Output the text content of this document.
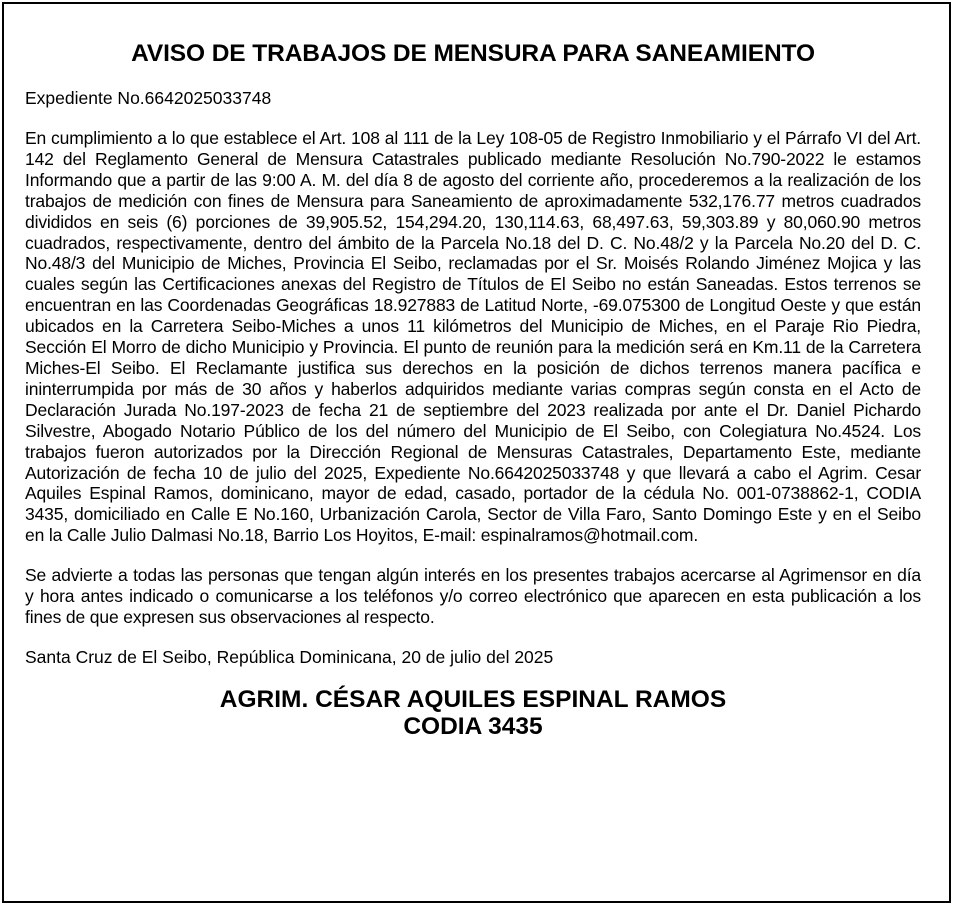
AVISO DE TRABAJOS DE MENSURA PARA SANEAMIENTO

Expediente No.6642025033748

En cumplimiento a lo que establece el Art. 108 al 111 de la Ley 108-05 de Registro Inmobiliario y el Párrafo VI del Art. 142 del Reglamento General de Mensura Catastrales publicado mediante Resolución No.790-2022 le estamos Informando que a partir de las 9:00 A. M. del día 8 de agosto del corriente año, procederemos a la realización de los trabajos de medición con fines de Mensura para Saneamiento de aproximadamente 532,176.77 metros cuadrados divididos en seis (6) porciones de 39,905.52, 154,294.20, 130,114.63, 68,497.63, 59,303.89 y 80,060.90 metros cuadrados, respectivamente, dentro del ámbito de la Parcela No.18 del D. C. No.48/2 y la Parcela No.20 del D. C. No.48/3 del Municipio de Miches, Provincia El Seibo, reclamadas por el Sr. Moisés Rolando Jiménez Mojica y las cuales según las Certificaciones anexas del Registro de Títulos de El Seibo no están Saneadas. Estos terrenos se encuentran en las Coordenadas Geográficas 18.927883 de Latitud Norte, -69.075300 de Longitud Oeste y que están ubicados en la Carretera Seibo-Miches a unos 11 kilómetros del Municipio de Miches, en el Paraje Rio Piedra, Sección El Morro de dicho Municipio y Provincia. El punto de reunión para la medición será en Km.11 de la Carretera Miches-El Seibo. El Reclamante justifica sus derechos en la posición de dichos terrenos manera pacífica e ininterrumpida por más de 30 años y haberlos adquiridos mediante varias compras según consta en el Acto de Declaración Jurada No.197-2023 de fecha 21 de septiembre del 2023 realizada por ante el Dr. Daniel Pichardo Silvestre, Abogado Notario Público de los del número del Municipio de El Seibo, con Colegiatura No.4524. Los trabajos fueron autorizados por la Dirección Regional de Mensuras Catastrales, Departamento Este, mediante Autorización de fecha 10 de julio del 2025, Expediente No.6642025033748 y que llevará a cabo el Agrim. Cesar Aquiles Espinal Ramos, dominicano, mayor de edad, casado, portador de la cédula No. 001-0738862-1, CODIA 3435, domiciliado en Calle E No.160, Urbanización Carola, Sector de Villa Faro, Santo Domingo Este y en el Seibo en la Calle Julio Dalmasi No.18, Barrio Los Hoyitos, E-mail: espinalramos@hotmail.com.

Se advierte a todas las personas que tengan algún interés en los presentes trabajos acercarse al Agrimensor en día y hora antes indicado o comunicarse a los teléfonos y/o correo electrónico que aparecen en esta publicación a los fines de que expresen sus observaciones al respecto.

Santa Cruz de El Seibo, República Dominicana, 20 de julio del 2025

AGRIM. CÉSAR AQUILES ESPINAL RAMOS
CODIA 3435
